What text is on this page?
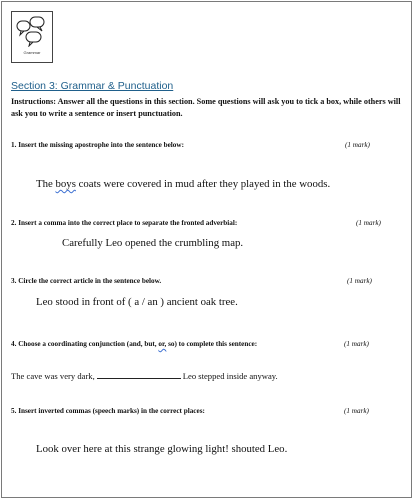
Grammar
Section 3: Grammar & Punctuation
Instructions: Answer all the questions in this section. Some questions will ask you to tick a box, while others will ask you to write a sentence or insert punctuation.
1. Insert the missing apostrophe into the sentence below:	(1 mark)
The boys coats were covered in mud after they played in the woods.
2. Insert a comma into the correct place to separate the fronted adverbial:	(1 mark)
Carefully Leo opened the crumbling map.
3. Circle the correct article in the sentence below.	(1 mark)
Leo stood in front of ( a / an ) ancient oak tree.
4. Choose a coordinating conjunction (and, but, or, so) to complete this sentence:	(1 mark)
The cave was very dark,	Leo stepped inside anyway.
5. Insert inverted commas (speech marks) in the correct places:	(1 mark)
Look over here at this strange glowing light! shouted Leo.
